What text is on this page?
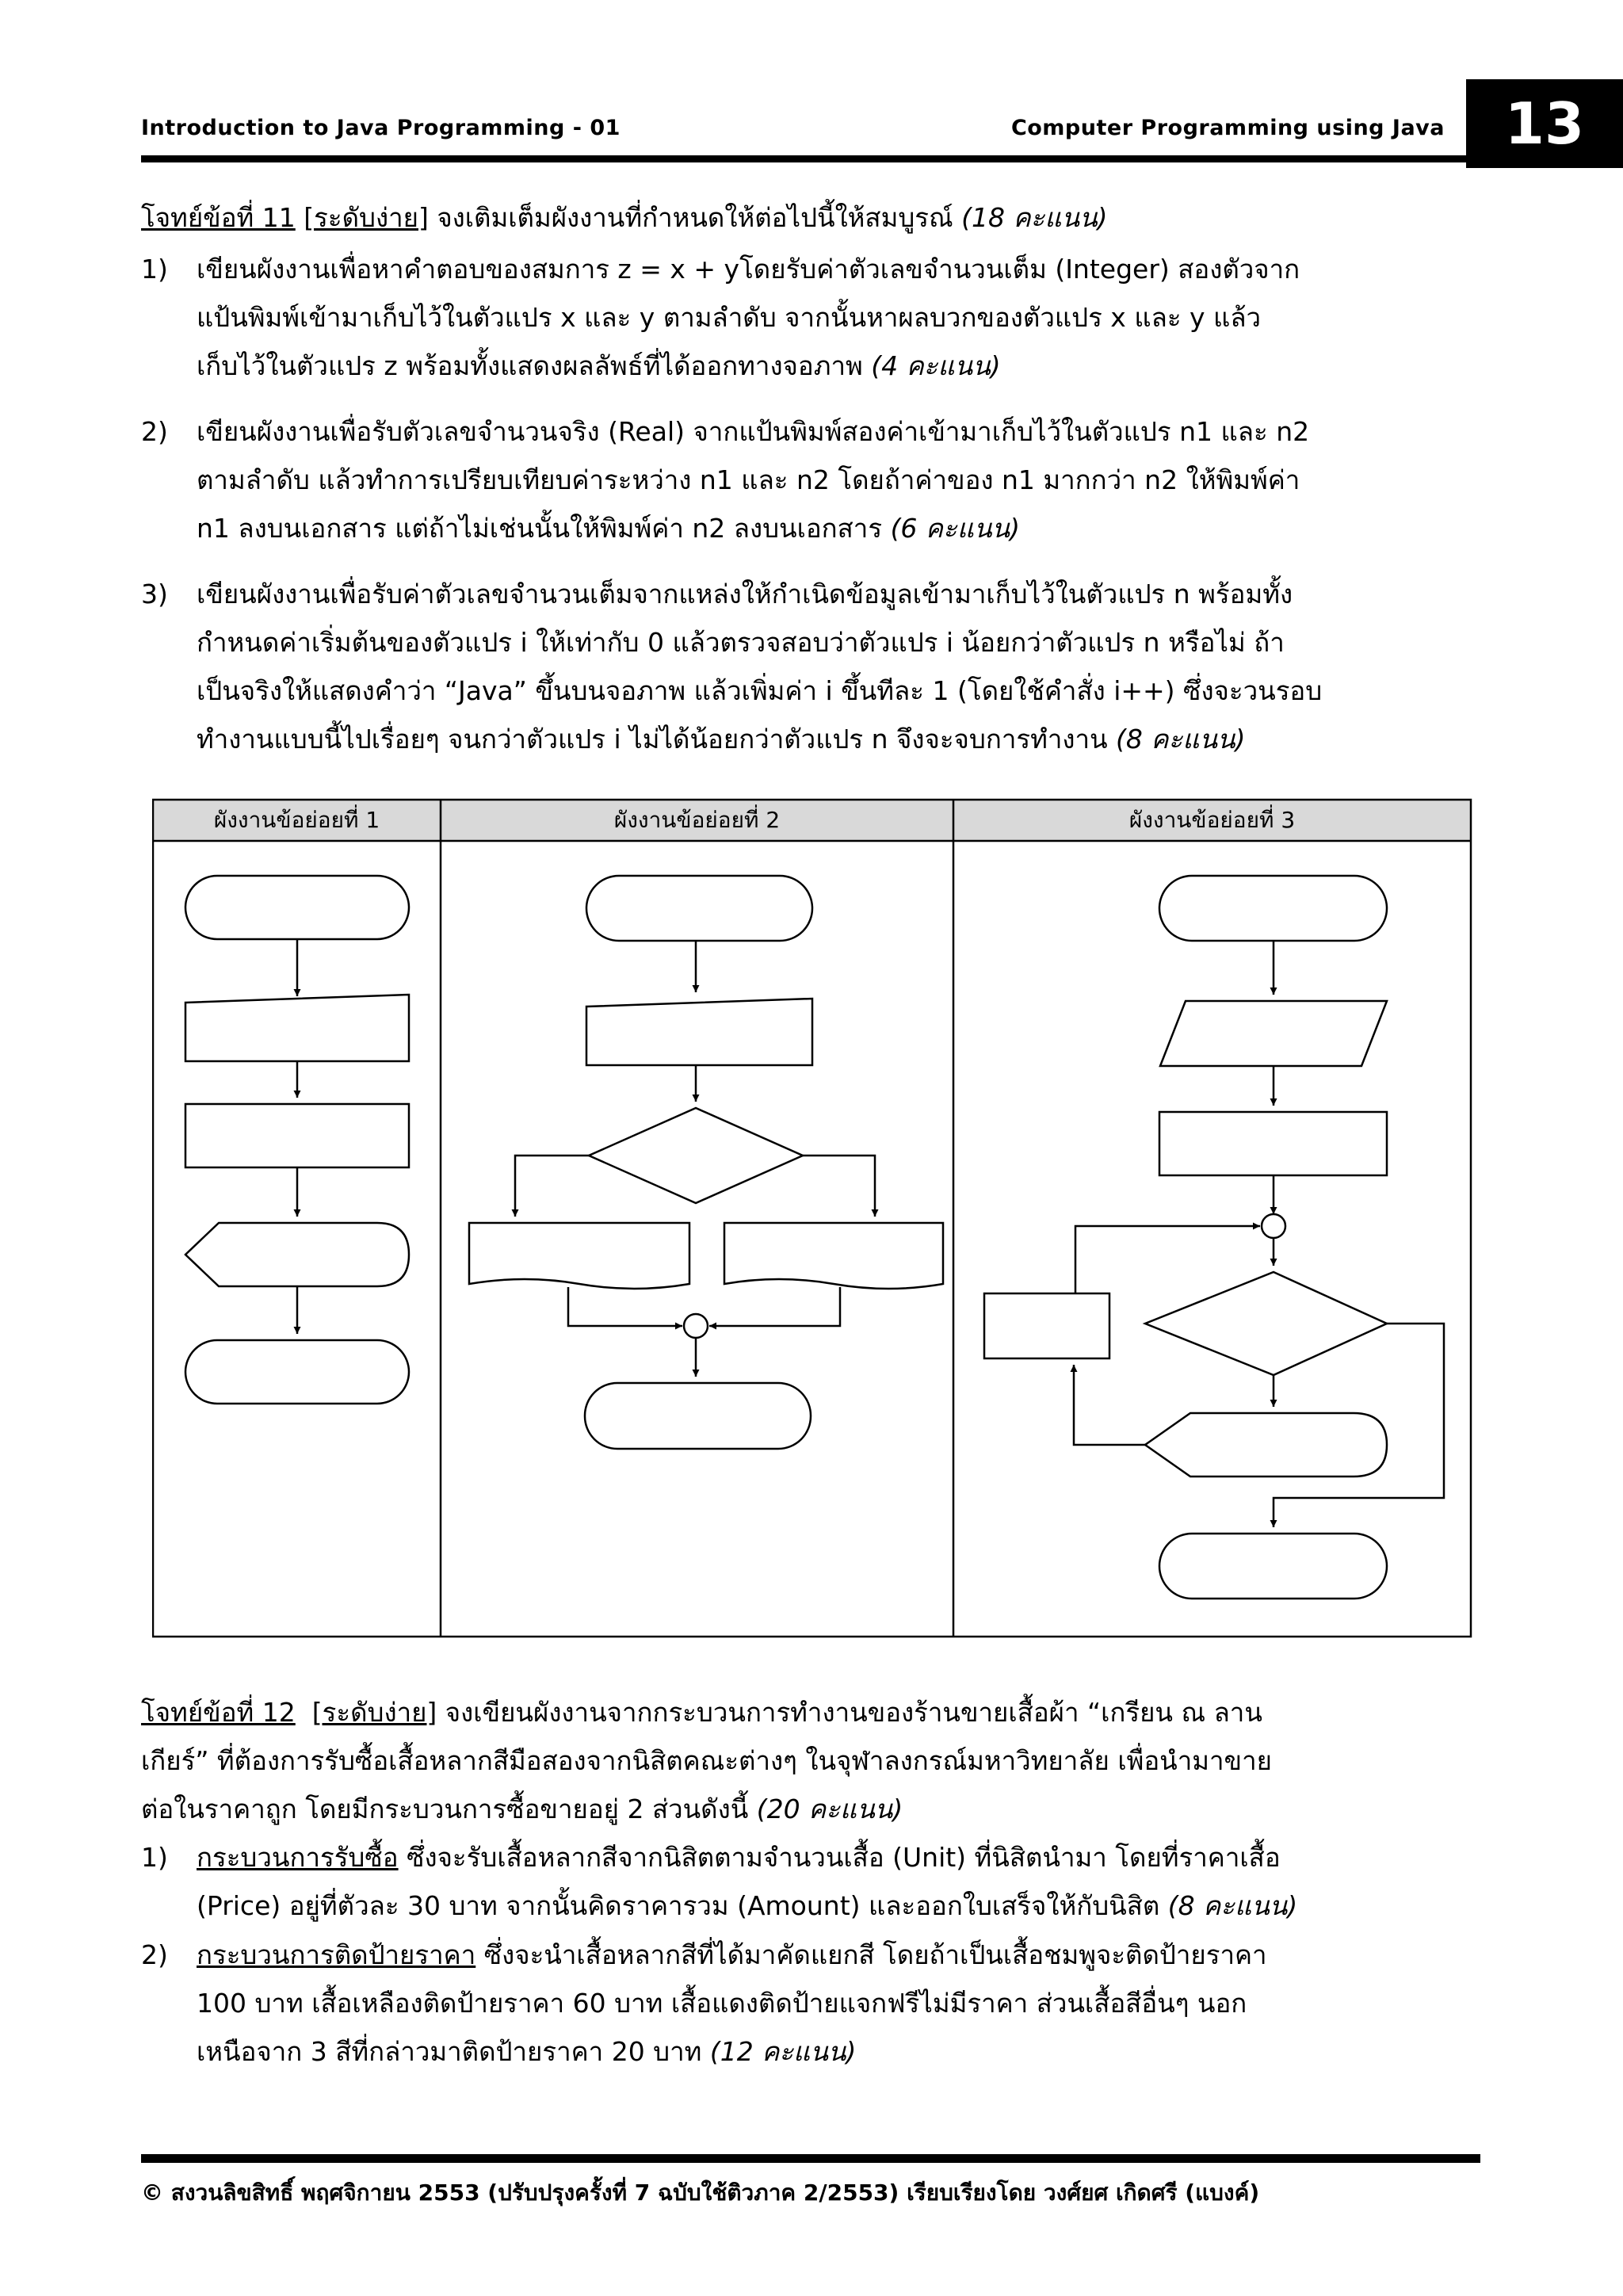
Introduction to Java Programming - 01	Computer Programming using Java	13
โจทย์ข้อที่ 11 [ระดับง่าย] จงเติมเต็มผังงานที่กำหนดให้ต่อไปนี้ให้สมบูรณ์ (18 คะแนน)
1)	เขียนผังงานเพื่อหาคำตอบของสมการ z = x + yโดยรับค่าตัวเลขจำนวนเต็ม (Integer) สองตัวจาก
แป้นพิมพ์เข้ามาเก็บไว้ในตัวแปร x และ y ตามลำดับ จากนั้นหาผลบวกของตัวแปร x และ y แล้ว
เก็บไว้ในตัวแปร z พร้อมทั้งแสดงผลลัพธ์ที่ได้ออกทางจอภาพ (4 คะแนน)
2)	เขียนผังงานเพื่อรับตัวเลขจำนวนจริง (Real) จากแป้นพิมพ์สองค่าเข้ามาเก็บไว้ในตัวแปร n1 และ n2
ตามลำดับ แล้วทำการเปรียบเทียบค่าระหว่าง n1 และ n2 โดยถ้าค่าของ n1 มากกว่า n2 ให้พิมพ์ค่า
n1 ลงบนเอกสาร แต่ถ้าไม่เช่นนั้นให้พิมพ์ค่า n2 ลงบนเอกสาร (6 คะแนน)
3)	เขียนผังงานเพื่อรับค่าตัวเลขจำนวนเต็มจากแหล่งให้กำเนิดข้อมูลเข้ามาเก็บไว้ในตัวแปร n พร้อมทั้ง
กำหนดค่าเริ่มต้นของตัวแปร i ให้เท่ากับ 0 แล้วตรวจสอบว่าตัวแปร i น้อยกว่าตัวแปร n หรือไม่ ถ้า
เป็นจริงให้แสดงคำว่า “Java” ขึ้นบนจอภาพ แล้วเพิ่มค่า i ขึ้นทีละ 1 (โดยใช้คำสั่ง i++) ซึ่งจะวนรอบ
ทำงานแบบนี้ไปเรื่อยๆ จนกว่าตัวแปร i ไม่ได้น้อยกว่าตัวแปร n จึงจะจบการทำงาน (8 คะแนน)
ผังงานข้อย่อยที่ 1	ผังงานข้อย่อยที่ 2	ผังงานข้อย่อยที่ 3
โจทย์ข้อที่ 12 [ระดับง่าย] จงเขียนผังงานจากกระบวนการทำงานของร้านขายเสื้อผ้า “เกรียน ณ ลาน
เกียร์” ที่ต้องการรับซื้อเสื้อหลากสีมือสองจากนิสิตคณะต่างๆ ในจุฬาลงกรณ์มหาวิทยาลัย เพื่อนำมาขาย
ต่อในราคาถูก โดยมีกระบวนการซื้อขายอยู่ 2 ส่วนดังนี้ (20 คะแนน)
1)	กระบวนการรับซื้อ ซึ่งจะรับเสื้อหลากสีจากนิสิตตามจำนวนเสื้อ (Unit) ที่นิสิตนำมา โดยที่ราคาเสื้อ
(Price) อยู่ที่ตัวละ 30 บาท จากนั้นคิดราคารวม (Amount) และออกใบเสร็จให้กับนิสิต (8 คะแนน)
2)	กระบวนการติดป้ายราคา ซึ่งจะนำเสื้อหลากสีที่ได้มาคัดแยกสี โดยถ้าเป็นเสื้อชมพูจะติดป้ายราคา
100 บาท เสื้อเหลืองติดป้ายราคา 60 บาท เสื้อแดงติดป้ายแจกฟรีไม่มีราคา ส่วนเสื้อสีอื่นๆ นอก
เหนือจาก 3 สีที่กล่าวมาติดป้ายราคา 20 บาท (12 คะแนน)
© สงวนลิขสิทธิ์ พฤศจิกายน 2553 (ปรับปรุงครั้งที่ 7 ฉบับใช้ติวภาค 2/2553) เรียบเรียงโดย วงศ์ยศ เกิดศรี (แบงค์)
